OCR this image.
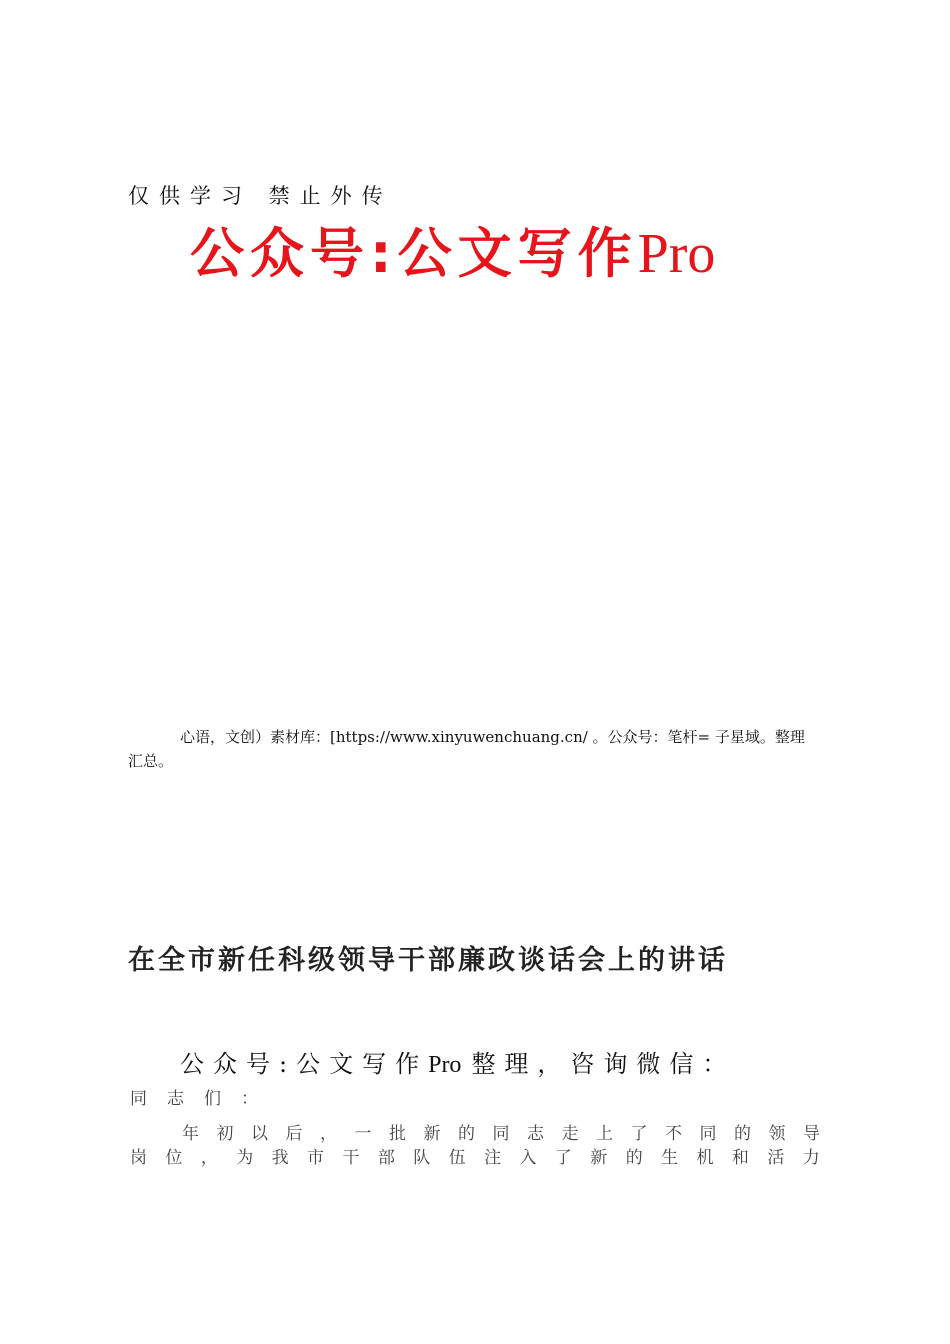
仅供学习 禁止外传
公众号:公文写作Pro
心语，文创）素材库：[https://www.xinyuwenchuang.cn/ 。公众号：笔杆= 子星域。整理
汇总。
在全市新任科级领导干部廉政谈话会上的讲话
公众号:公文写作Pro 整理，咨询微信：
同志们：
年 初 以 后 ， 一 批 新 的 同 志 走 上 了 不 同 的 领 导
岗 位 ， 为 我 市 干 部 队 伍 注 入 了 新 的 生 机 和 活 力
